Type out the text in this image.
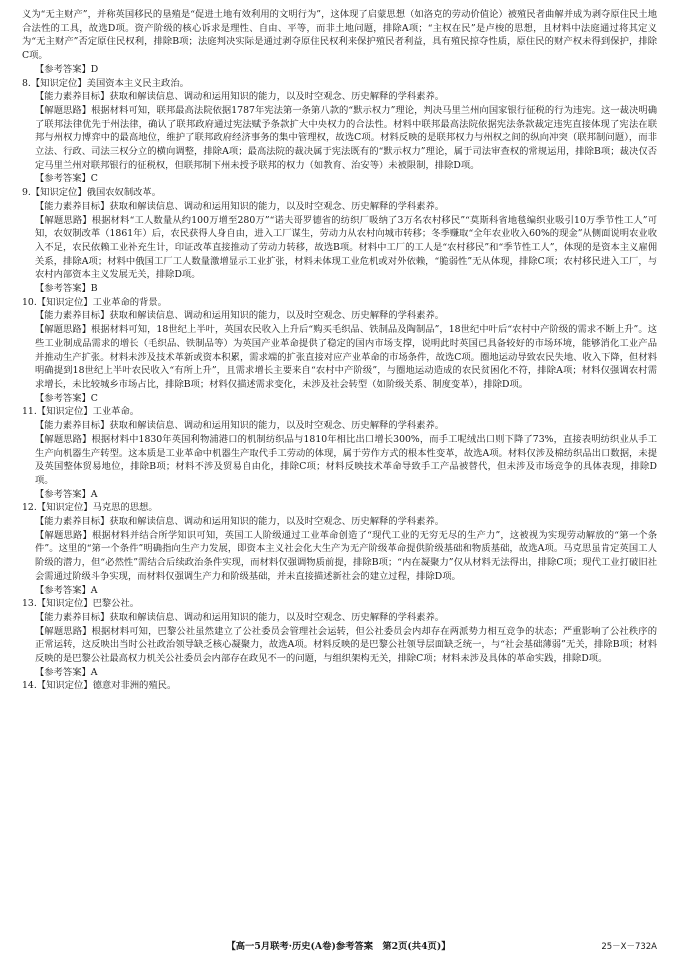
义为“无主财产”，并称英国移民的垦殖是“促进土地有效利用的文明行为”，这体现了启蒙思想（如洛克的劳动价值论）被殖民者曲解并成为剥夺原住民土地合法性的工具，故选D项。资产阶级的核心诉求是理性、自由、平等，而非土地问题，排除A项；“主权在民”是卢梭的思想，且材料中法庭通过将其定义为“无主财产”否定原住民权利，排除B项；法庭判决实际是通过剥夺原住民权利来保护殖民者利益，具有殖民掠夺性质，原住民的财产权未得到保护，排除C项。

【参考答案】D

8.【知识定位】美国资本主义民主政治。

【能力素养目标】获取和解读信息、调动和运用知识的能力，以及时空观念、历史解释的学科素养。

【解题思路】根据材料可知，联邦最高法院依据1787年宪法第一条第八款的“默示权力”理论，判决马里兰州向国家银行征税的行为违宪。这一裁决明确了联邦法律优先于州法律，确认了联邦政府通过宪法赋予条款扩大中央权力的合法性。材料中联邦最高法院依据宪法条款裁定违宪直接体现了宪法在联邦与州权力博弈中的最高地位，维护了联邦政府经济事务的集中管理权，故选C项。材料反映的是联邦权力与州权之间的纵向冲突（联邦制问题），而非立法、行政、司法三权分立的横向调整，排除A项；最高法院的裁决属于宪法既有的“默示权力”理论，属于司法审查权的常规运用，排除B项；裁决仅否定马里兰州对联邦银行的征税权，但联邦制下州未授予联邦的权力（如教育、治安等）未被限制，排除D项。

【参考答案】C

9.【知识定位】俄国农奴制改革。

【能力素养目标】获取和解读信息、调动和运用知识的能力，以及时空观念、历史解释的学科素养。

【解题思路】根据材料“工人数量从约100万增至280万”“诺夫哥罗德省的纺织厂吸纳了3万名农村移民”“莫斯科省地毯编织业吸引10万季节性工人”可知，农奴制改革（1861年）后，农民获得人身自由，进入工厂谋生，劳动力从农村向城市转移；冬季赚取“全年农业收入60%的现金”从侧面说明农业收入不足，农民依赖工业补充生计，印证改革直接推动了劳动力转移，故选B项。材料中工厂的工人是“农村移民”和“季节性工人”，体现的是资本主义雇佣关系，排除A项；材料中俄国工厂工人数量激增显示工业扩张，材料未体现工业危机或对外依赖，“脆弱性”无从体现，排除C项；农村移民进入工厂，与农村内部资本主义发展无关，排除D项。

【参考答案】B

10.【知识定位】工业革命的背景。

【能力素养目标】获取和解读信息、调动和运用知识的能力，以及时空观念、历史解释的学科素养。

【解题思路】根据材料可知，18世纪上半叶，英国农民收入上升后“购买毛织品、铁制品及陶制品”，18世纪中叶后“农村中产阶级的需求不断上升”。这些工业制成品需求的增长（毛织品、铁制品等）为英国产业革命提供了稳定的国内市场支撑，说明此时英国已具备较好的市场环境，能够消化工业产品并推动生产扩张。材料未涉及技术革新或资本积累，需求端的扩张直接对应产业革命的市场条件，故选C项。圈地运动导致农民失地、收入下降，但材料明确提到18世纪上半叶农民收入“有所上升”，且需求增长主要来自“农村中产阶级”，与圈地运动造成的农民贫困化不符，排除A项；材料仅强调农村需求增长，未比较城乡市场占比，排除B项；材料仅描述需求变化，未涉及社会转型（如阶级关系、制度变革），排除D项。

【参考答案】C

11.【知识定位】工业革命。

【能力素养目标】获取和解读信息、调动和运用知识的能力，以及时空观念、历史解释的学科素养。

【解题思路】根据材料中1830年英国利物浦港口的机制纺织品与1810年相比出口增长300%，而手工呢绒出口则下降了73%，直接表明纺织业从手工生产向机器生产转型。这本质是工业革命中机器生产取代手工劳动的体现，属于劳作方式的根本性变革，故选A项。材料仅涉及棉纺织品出口数据，未提及英国整体贸易地位，排除B项；材料不涉及贸易自由化，排除C项；材料反映技术革命导致手工产品被替代，但未涉及市场竞争的具体表现，排除D项。

【参考答案】A

12.【知识定位】马克思的思想。

【能力素养目标】获取和解读信息、调动和运用知识的能力，以及时空观念、历史解释的学科素养。

【解题思路】根据材料并结合所学知识可知，英国工人阶级通过工业革命创造了“现代工业的无穷无尽的生产力”，这被视为实现劳动解放的“第一个条件”。这里的“第一个条件”明确指向生产力发展，即资本主义社会化大生产为无产阶级革命提供阶级基础和物质基础，故选A项。马克思虽肯定英国工人阶级的潜力，但“必然性”需结合后续政治条件实现，而材料仅强调物质前提，排除B项；“内在凝聚力”仅从材料无法得出，排除C项；现代工业打破旧社会需通过阶级斗争实现，而材料仅强调生产力和阶级基础，并未直接描述新社会的建立过程，排除D项。

【参考答案】A

13.【知识定位】巴黎公社。

【能力素养目标】获取和解读信息、调动和运用知识的能力，以及时空观念、历史解释的学科素养。

【解题思路】根据材料可知，巴黎公社虽然建立了公社委员会管理社会运转，但公社委员会内却存在两派势力相互竞争的状态；严重影响了公社秩序的正常运转，这反映出当时公社政治领导缺乏核心凝聚力，故选A项。材料反映的是巴黎公社领导层面缺乏统一，与“社会基础薄弱”无关，排除B项；材料反映的是巴黎公社最高权力机关公社委员会内部存在政见不一的问题，与组织架构无关，排除C项；材料未涉及具体的革命实践，排除D项。

【参考答案】A

14.【知识定位】德意对非洲的殖民。

【高一5月联考·历史(A卷)参考答案　第2页(共4页)】	25－X－732A
